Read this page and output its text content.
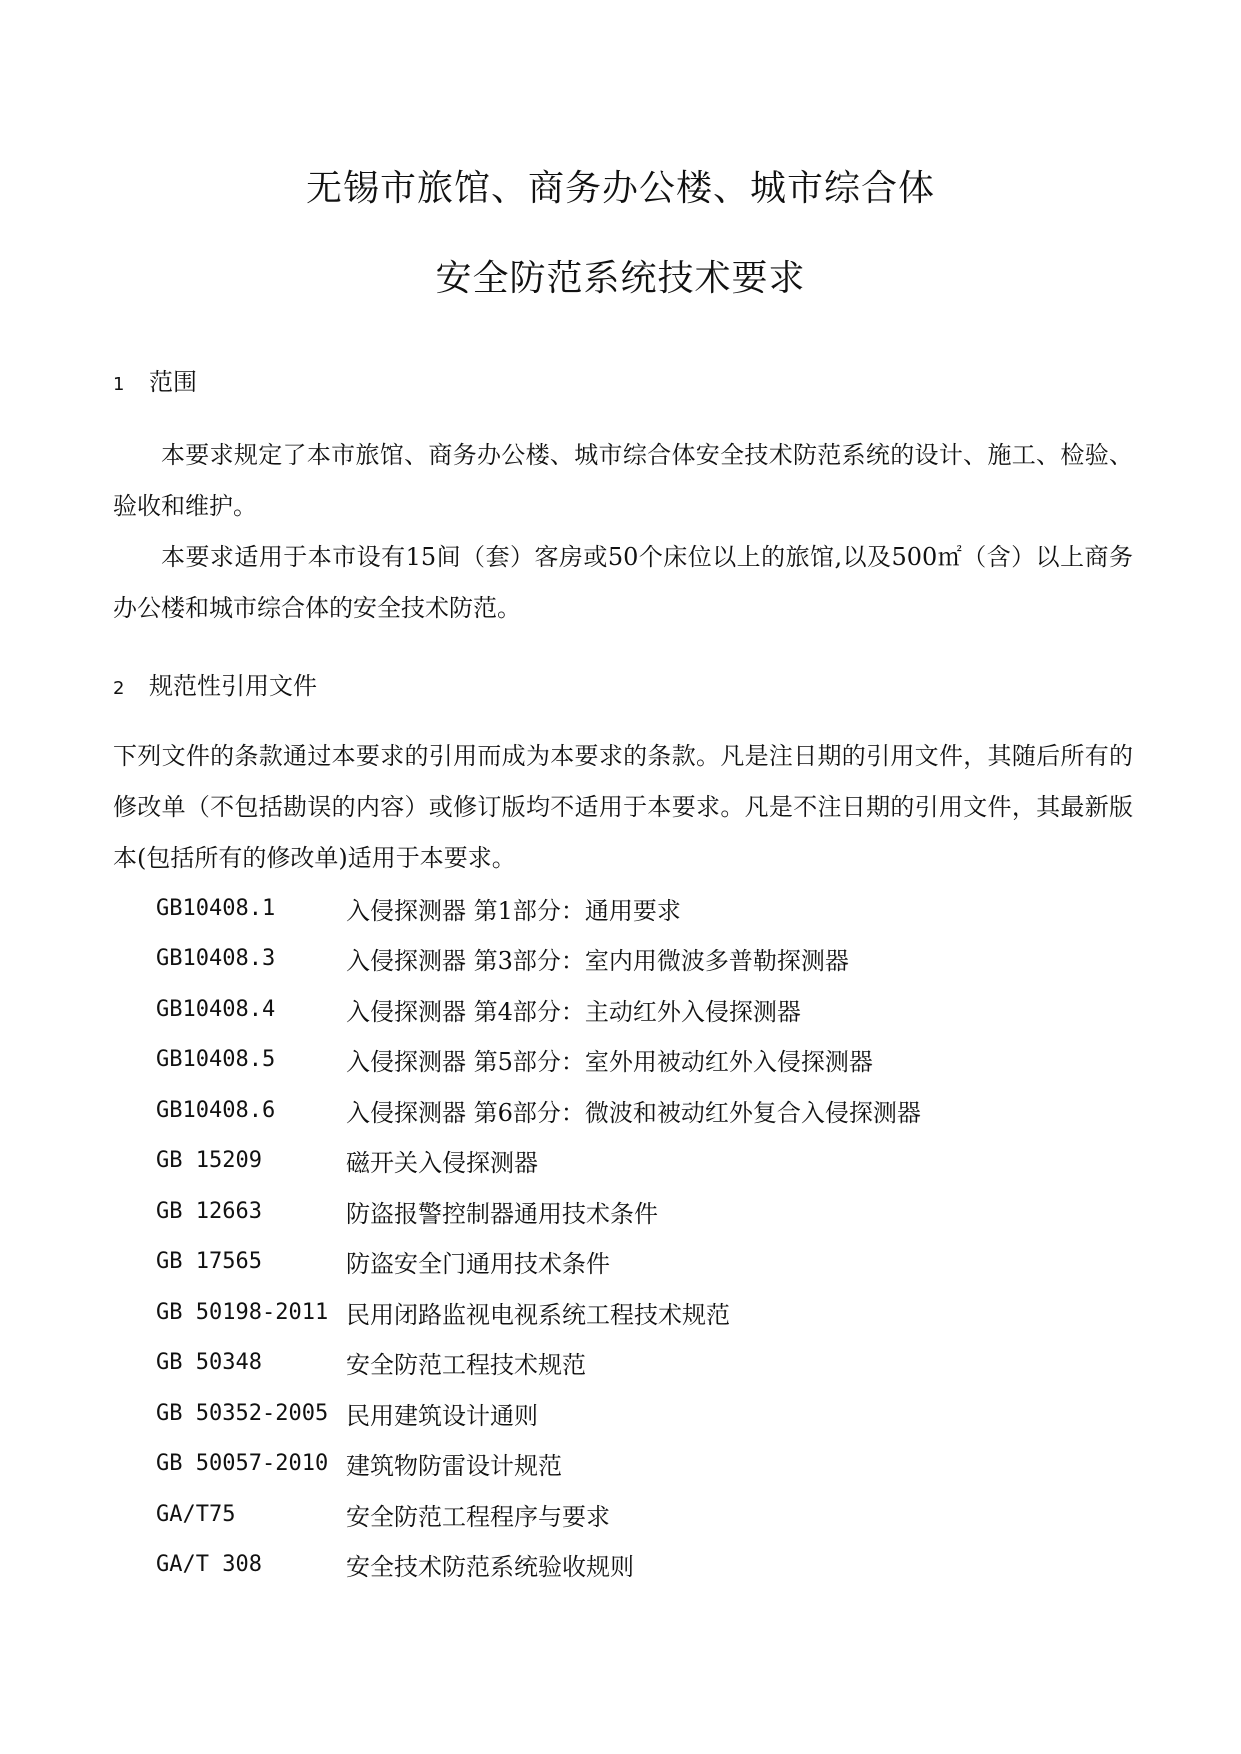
无锡市旅馆、商务办公楼、城市综合体
安全防范系统技术要求
1 范围
本要求规定了本市旅馆、商务办公楼、城市综合体安全技术防范系统的设计、施工、检验、验收和维护。
本要求适用于本市设有15间（套）客房或50个床位以上的旅馆,以及500㎡（含）以上商务办公楼和城市综合体的安全技术防范。
2 规范性引用文件
下列文件的条款通过本要求的引用而成为本要求的条款。凡是注日期的引用文件，其随后所有的修改单（不包括勘误的内容）或修订版均不适用于本要求。凡是不注日期的引用文件，其最新版本(包括所有的修改单)适用于本要求。
GB10408.1	入侵探测器 第1部分：通用要求
GB10408.3	入侵探测器 第3部分：室内用微波多普勒探测器
GB10408.4	入侵探测器 第4部分：主动红外入侵探测器
GB10408.5	入侵探测器 第5部分：室外用被动红外入侵探测器
GB10408.6	入侵探测器 第6部分：微波和被动红外复合入侵探测器
GB 15209	磁开关入侵探测器
GB 12663	防盗报警控制器通用技术条件
GB 17565	防盗安全门通用技术条件
GB 50198-2011 民用闭路监视电视系统工程技术规范
GB 50348	安全防范工程技术规范
GB 50352-2005 民用建筑设计通则
GB 50057-2010 建筑物防雷设计规范
GA/T75	安全防范工程程序与要求
GA/T 308	安全技术防范系统验收规则
